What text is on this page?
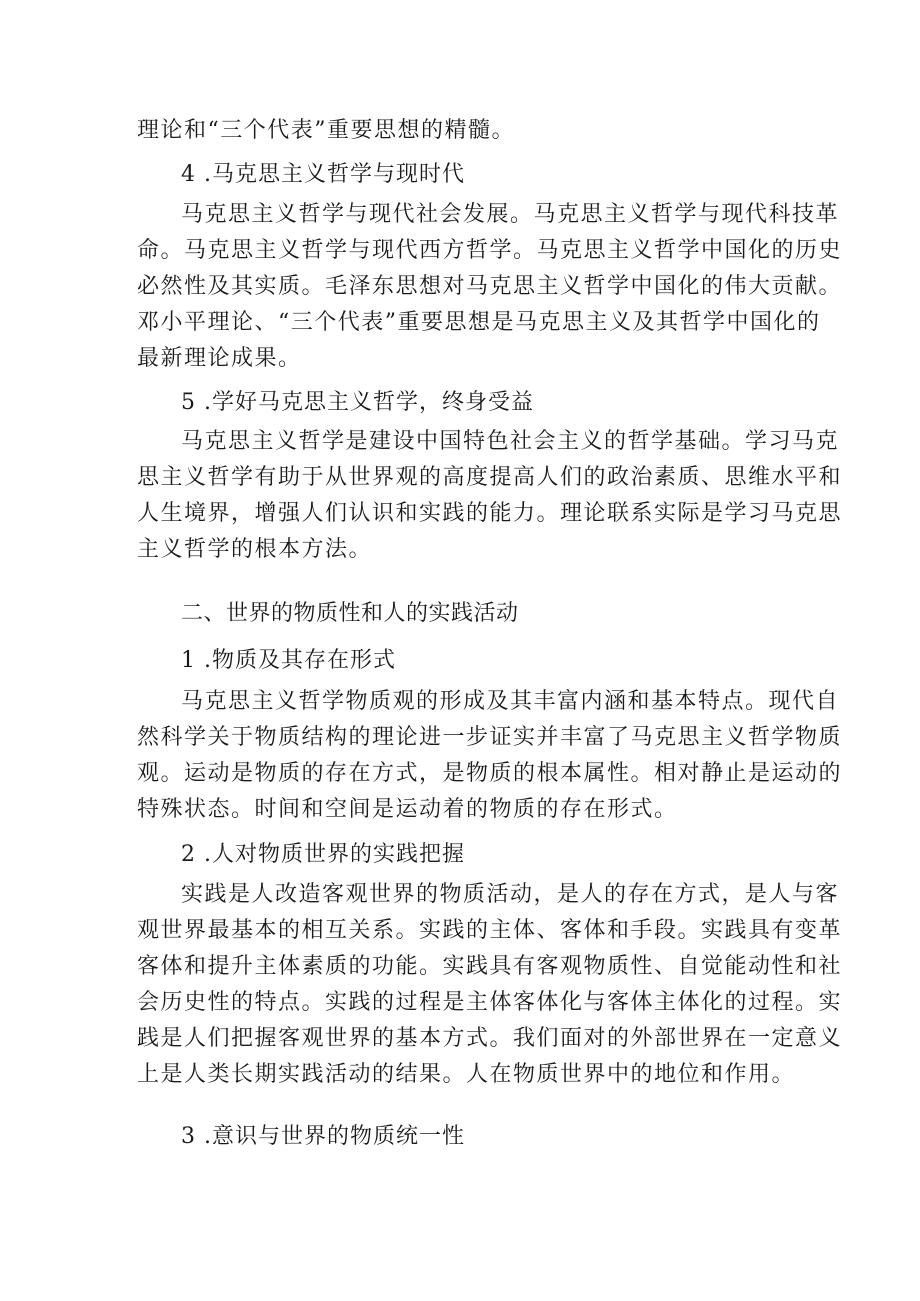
理论和“三个代表”重要思想的精髓。
4 .马克思主义哲学与现时代
马克思主义哲学与现代社会发展。马克思主义哲学与现代科技革
命。马克思主义哲学与现代西方哲学。马克思主义哲学中国化的历史
必然性及其实质。毛泽东思想对马克思主义哲学中国化的伟大贡献。
邓小平理论、“三个代表”重要思想是马克思主义及其哲学中国化的
最新理论成果。
5 .学好马克思主义哲学，终身受益
马克思主义哲学是建设中国特色社会主义的哲学基础。学习马克
思主义哲学有助于从世界观的高度提高人们的政治素质、思维水平和
人生境界，增强人们认识和实践的能力。理论联系实际是学习马克思
主义哲学的根本方法。
二、世界的物质性和人的实践活动
1 .物质及其存在形式
马克思主义哲学物质观的形成及其丰富内涵和基本特点。现代自
然科学关于物质结构的理论进一步证实并丰富了马克思主义哲学物质
观。运动是物质的存在方式，是物质的根本属性。相对静止是运动的
特殊状态。时间和空间是运动着的物质的存在形式。
2 .人对物质世界的实践把握
实践是人改造客观世界的物质活动，是人的存在方式，是人与客
观世界最基本的相互关系。实践的主体、客体和手段。实践具有变革
客体和提升主体素质的功能。实践具有客观物质性、自觉能动性和社
会历史性的特点。实践的过程是主体客体化与客体主体化的过程。实
践是人们把握客观世界的基本方式。我们面对的外部世界在一定意义
上是人类长期实践活动的结果。人在物质世界中的地位和作用。
3 .意识与世界的物质统一性
